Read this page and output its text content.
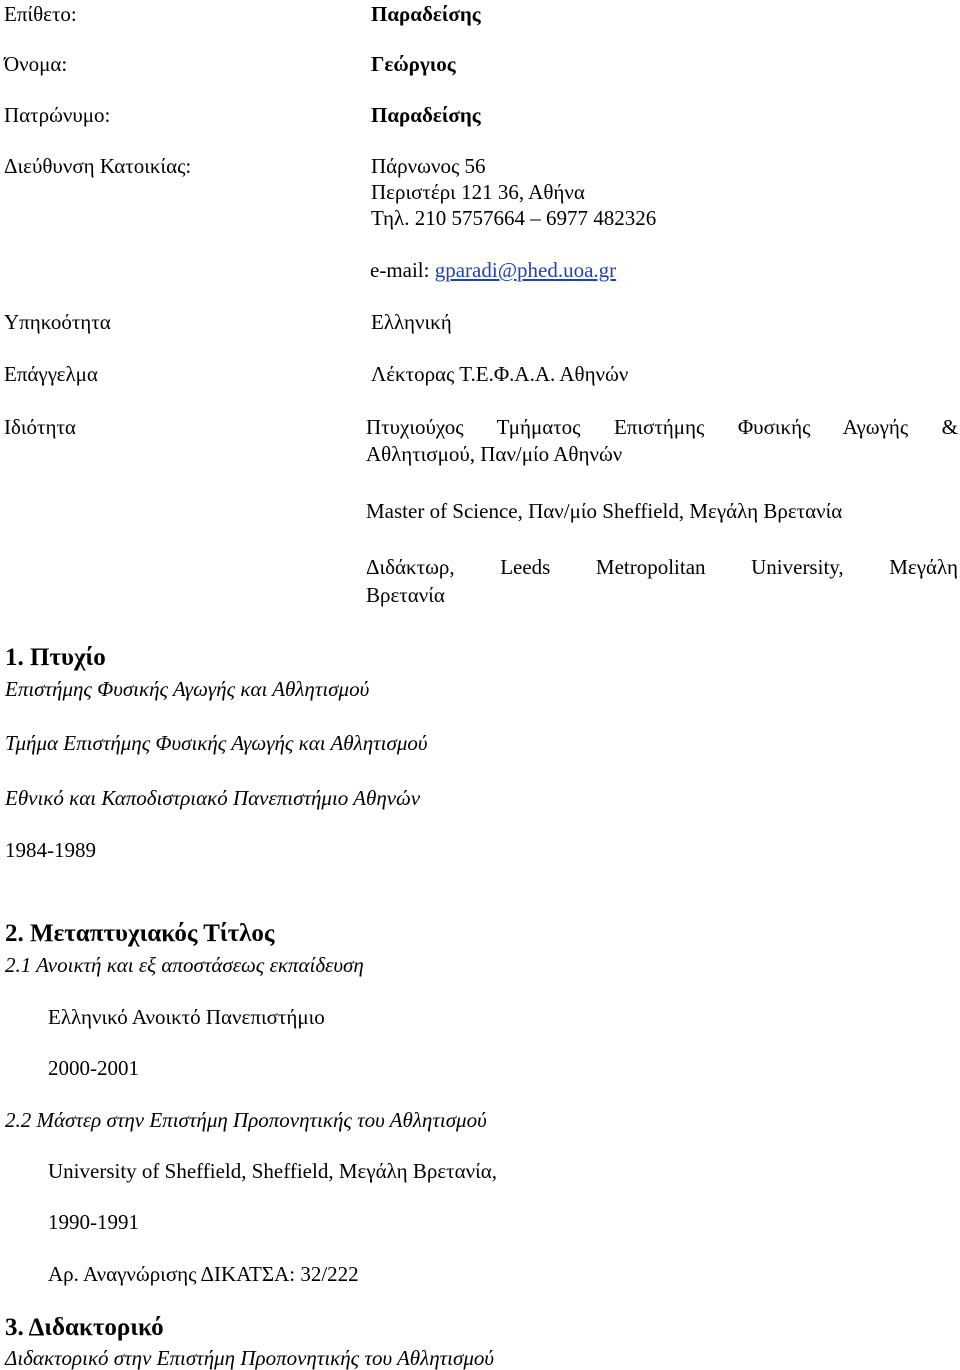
Επίθετο:	Παραδείσης
Όνομα:	Γεώργιος
Πατρώνυμο:	Παραδείσης
Διεύθυνση Κατοικίας:	Πάρνωνος 56
Περιστέρι 121 36, Αθήνα
Τηλ. 210 5757664 – 6977 482326
e-mail: gparadi@phed.uoa.gr
Υπηκοότητα	Ελληνική
Επάγγελμα	Λέκτορας Τ.Ε.Φ.Α.Α. Αθηνών
Ιδιότητα	Πτυχιούχος Τμήματος Επιστήμης Φυσικής Αγωγής &
Αθλητισμού, Παν/μίο Αθηνών
Master of Science, Παν/μίο Sheffield, Μεγάλη Βρετανία
Διδάκτωρ, Leeds Metropolitan University, Μεγάλη
Βρετανία
1. Πτυχίο
Επιστήμης Φυσικής Αγωγής και Αθλητισμού
Τμήμα Επιστήμης Φυσικής Αγωγής και Αθλητισμού
Εθνικό και Καποδιστριακό Πανεπιστήμιο Αθηνών
1984-1989
2. Μεταπτυχιακός Τίτλος
2.1 Ανοικτή και εξ αποστάσεως εκπαίδευση
Ελληνικό Ανοικτό Πανεπιστήμιο
2000-2001
2.2 Μάστερ στην Επιστήμη Προπονητικής του Αθλητισμού
University of Sheffield, Sheffield, Μεγάλη Βρετανία,
1990-1991
Αρ. Αναγνώρισης ΔΙΚΑΤΣΑ: 32/222
3. Διδακτορικό
Διδακτορικό στην Επιστήμη Προπονητικής του Αθλητισμού
